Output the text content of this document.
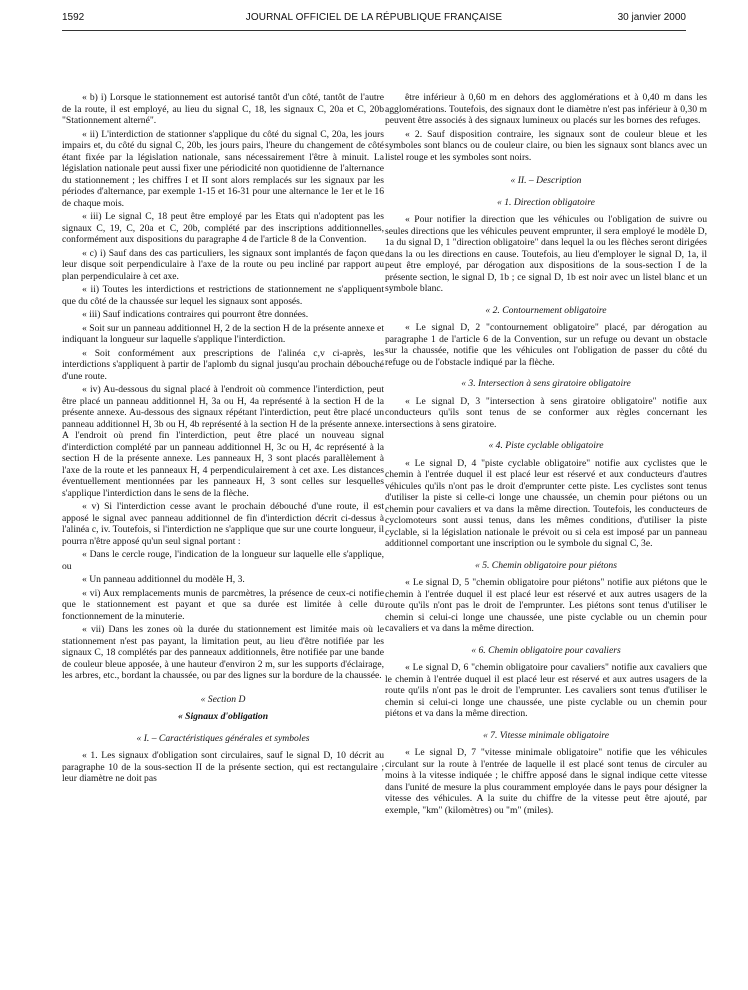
1592	JOURNAL OFFICIEL DE LA RÉPUBLIQUE FRANÇAISE	30 janvier 2000

« b) i) Lorsque le stationnement est autorisé tantôt d'un côté, tantôt de l'autre de la route, il est employé, au lieu du signal C, 18, les signaux C, 20a et C, 20b "Stationnement alterné".

« ii) L'interdiction de stationner s'applique du côté du signal C, 20a, les jours impairs et, du côté du signal C, 20b, les jours pairs, l'heure du changement de côté étant fixée par la législation nationale, sans nécessairement l'être à minuit. La législation nationale peut aussi fixer une périodicité non quotidienne de l'alternance du stationnement ; les chiffres I et II sont alors remplacés sur les signaux par les périodes d'alternance, par exemple 1-15 et 16-31 pour une alternance le 1er et le 16 de chaque mois.

« iii) Le signal C, 18 peut être employé par les Etats qui n'adoptent pas les signaux C, 19, C, 20a et C, 20b, complété par des inscriptions additionnelles, conformément aux dispositions du paragraphe 4 de l'article 8 de la Convention.

« c) i) Sauf dans des cas particuliers, les signaux sont implantés de façon que leur disque soit perpendiculaire à l'axe de la route ou peu incliné par rapport au plan perpendiculaire à cet axe.

« ii) Toutes les interdictions et restrictions de stationnement ne s'appliquent que du côté de la chaussée sur lequel les signaux sont apposés.

« iii) Sauf indications contraires qui pourront être données.

« Soit sur un panneau additionnel H, 2 de la section H de la présente annexe et indiquant la longueur sur laquelle s'applique l'interdiction.

« Soit conformément aux prescriptions de l'alinéa c,v ci-après, les interdictions s'appliquent à partir de l'aplomb du signal jusqu'au prochain débouché d'une route.

« iv) Au-dessous du signal placé à l'endroit où commence l'interdiction, peut être placé un panneau additionnel H, 3a ou H, 4a représenté à la section H de la présente annexe. Au-dessous des signaux répétant l'interdiction, peut être placé un panneau additionnel H, 3b ou H, 4b représenté à la section H de la présente annexe. A l'endroit où prend fin l'interdiction, peut être placé un nouveau signal d'interdiction complété par un panneau additionnel H, 3c ou H, 4c représenté à la section H de la présente annexe. Les panneaux H, 3 sont placés parallèlement à l'axe de la route et les panneaux H, 4 perpendiculairement à cet axe. Les distances éventuellement mentionnées par les panneaux H, 3 sont celles sur lesquelles s'applique l'interdiction dans le sens de la flèche.

« v) Si l'interdiction cesse avant le prochain débouché d'une route, il est apposé le signal avec panneau additionnel de fin d'interdiction décrit ci-dessus à l'alinéa c, iv. Toutefois, si l'interdiction ne s'applique que sur une courte longueur, il pourra n'être apposé qu'un seul signal portant :

« Dans le cercle rouge, l'indication de la longueur sur laquelle elle s'applique, ou

« Un panneau additionnel du modèle H, 3.

« vi) Aux remplacements munis de parcmètres, la présence de ceux-ci notifie que le stationnement est payant et que sa durée est limitée à celle du fonctionnement de la minuterie.

« vii) Dans les zones où la durée du stationnement est limitée mais où le stationnement n'est pas payant, la limitation peut, au lieu d'être notifiée par les signaux C, 18 complétés par des panneaux additionnels, être notifiée par une bande de couleur bleue apposée, à une hauteur d'environ 2 m, sur les supports d'éclairage, les arbres, etc., bordant la chaussée, ou par des lignes sur la bordure de la chaussée.

« Section D

« Signaux d'obligation

« I. – Caractéristiques générales et symboles

« 1. Les signaux d'obligation sont circulaires, sauf le signal D, 10 décrit au paragraphe 10 de la sous-section II de la présente section, qui est rectangulaire ; leur diamètre ne doit pas

être inférieur à 0,60 m en dehors des agglomérations et à 0,40 m dans les agglomérations. Toutefois, des signaux dont le diamètre n'est pas inférieur à 0,30 m peuvent être associés à des signaux lumineux ou placés sur les bornes des refuges.

« 2. Sauf disposition contraire, les signaux sont de couleur bleue et les symboles sont blancs ou de couleur claire, ou bien les signaux sont blancs avec un listel rouge et les symboles sont noirs.

« II. – Description

« 1. Direction obligatoire

« Pour notifier la direction que les véhicules ou l'obligation de suivre ou seules directions que les véhicules peuvent emprunter, il sera employé le modèle D, 1a du signal D, 1 "direction obligatoire" dans lequel la ou les flèches seront dirigées dans la ou les directions en cause. Toutefois, au lieu d'employer le signal D, 1a, il peut être employé, par dérogation aux dispositions de la sous-section I de la présente section, le signal D, 1b ; ce signal D, 1b est noir avec un listel blanc et un symbole blanc.

« 2. Contournement obligatoire

« Le signal D, 2 "contournement obligatoire" placé, par dérogation au paragraphe 1 de l'article 6 de la Convention, sur un refuge ou devant un obstacle sur la chaussée, notifie que les véhicules ont l'obligation de passer du côté du refuge ou de l'obstacle indiqué par la flèche.

« 3. Intersection à sens giratoire obligatoire

« Le signal D, 3 "intersection à sens giratoire obligatoire" notifie aux conducteurs qu'ils sont tenus de se conformer aux règles concernant les intersections à sens giratoire.

« 4. Piste cyclable obligatoire

« Le signal D, 4 "piste cyclable obligatoire" notifie aux cyclistes que le chemin à l'entrée duquel il est placé leur est réservé et aux conducteurs d'autres véhicules qu'ils n'ont pas le droit d'emprunter cette piste. Les cyclistes sont tenus d'utiliser la piste si celle-ci longe une chaussée, un chemin pour piétons ou un chemin pour cavaliers et va dans la même direction. Toutefois, les conducteurs de cyclomoteurs sont aussi tenus, dans les mêmes conditions, d'utiliser la piste cyclable, si la législation nationale le prévoit ou si cela est imposé par un panneau additionnel comportant une inscription ou le symbole du signal C, 3e.

« 5. Chemin obligatoire pour piétons

« Le signal D, 5 "chemin obligatoire pour piétons" notifie aux piétons que le chemin à l'entrée duquel il est placé leur est réservé et aux autres usagers de la route qu'ils n'ont pas le droit de l'emprunter. Les piétons sont tenus d'utiliser le chemin si celui-ci longe une chaussée, une piste cyclable ou un chemin pour cavaliers et va dans la même direction.

« 6. Chemin obligatoire pour cavaliers

« Le signal D, 6 "chemin obligatoire pour cavaliers" notifie aux cavaliers que le chemin à l'entrée duquel il est placé leur est réservé et aux autres usagers de la route qu'ils n'ont pas le droit de l'emprunter. Les cavaliers sont tenus d'utiliser le chemin si celui-ci longe une chaussée, une piste cyclable ou un chemin pour piétons et va dans la même direction.

« 7. Vitesse minimale obligatoire

« Le signal D, 7 "vitesse minimale obligatoire" notifie que les véhicules circulant sur la route à l'entrée de laquelle il est placé sont tenus de circuler au moins à la vitesse indiquée ; le chiffre apposé dans le signal indique cette vitesse dans l'unité de mesure la plus couramment employée dans le pays pour désigner la vitesse des véhicules. A la suite du chiffre de la vitesse peut être ajouté, par exemple, "km" (kilomètres) ou "m" (miles).
